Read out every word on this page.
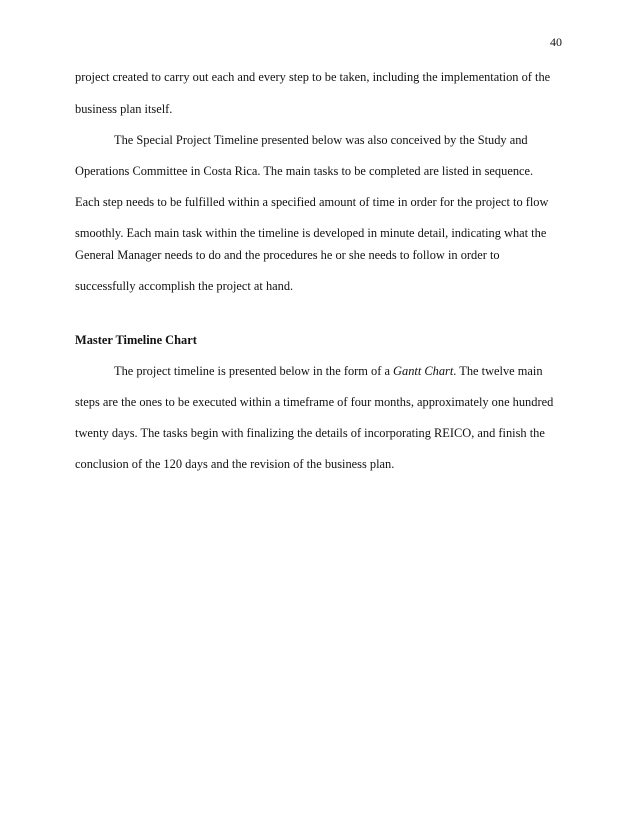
40
project created to carry out each and every step to be taken, including the implementation of the
business plan itself.
The Special Project Timeline presented below was also conceived by the Study and
Operations Committee in Costa Rica. The main tasks to be completed are listed in sequence.
Each step needs to be fulfilled within a specified amount of time in order for the project to flow
smoothly. Each main task within the timeline is developed in minute detail, indicating what the
General Manager needs to do and the procedures he or she needs to follow in order to
successfully accomplish the project at hand.
Master Timeline Chart
The project timeline is presented below in the form of a Gantt Chart. The twelve main
steps are the ones to be executed within a timeframe of four months, approximately one hundred
twenty days. The tasks begin with finalizing the details of incorporating REICO, and finish the
conclusion of the 120 days and the revision of the business plan.
